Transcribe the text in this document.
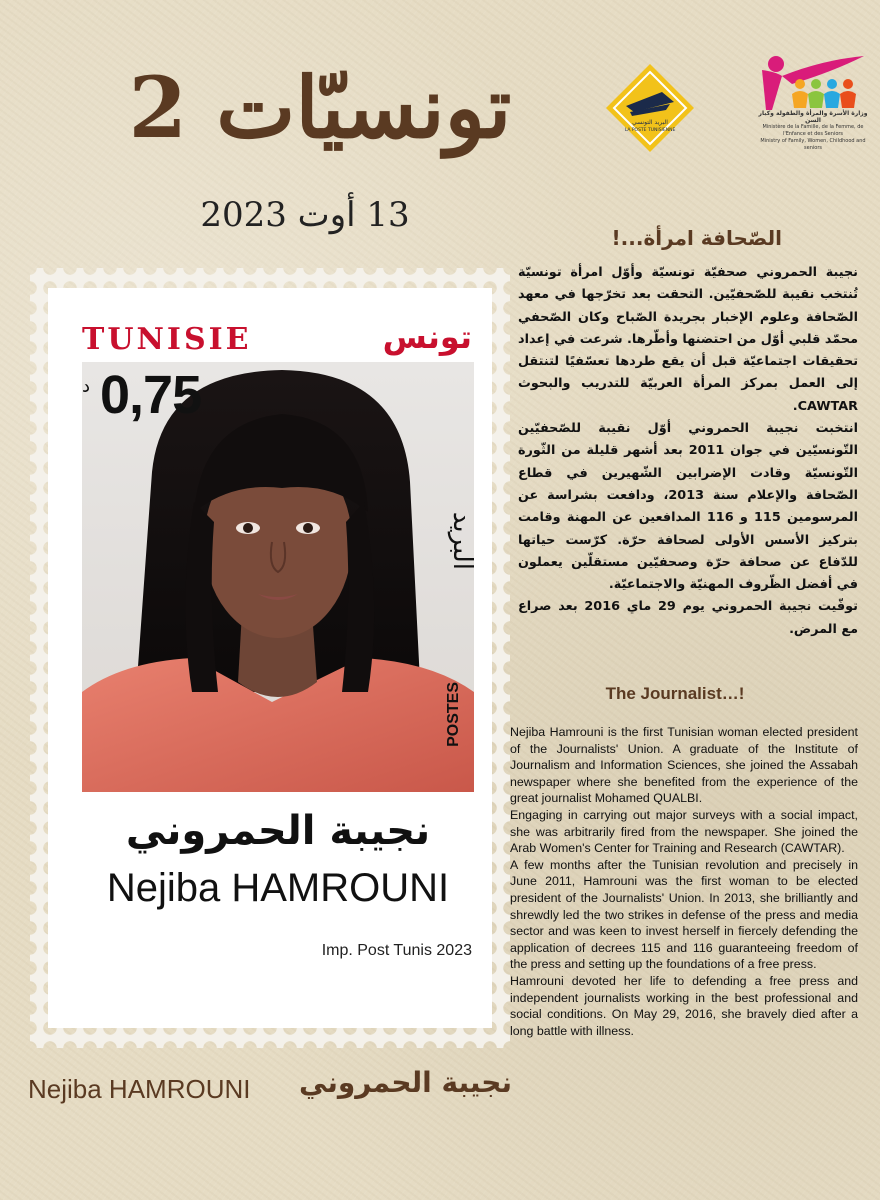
تونسيّات 2
13 أوت 2023
البريد التونسي
LA POSTE TUNISIENNE
وزارة الأسرة والمرأة والطفولة وكبار السن
Ministère de la Famille, de la Femme, de l'Enfance et des Seniors
Ministry of Family, Women, Childhood and seniors
TUNISIE	تونس
د 0,75
البريد
POSTES
نجيبة الحمروني
Nejiba HAMROUNI
Imp. Post Tunis 2023
Nejiba HAMROUNI نجيبة الحمروني
الصّحافة امرأة...!

نجيبة الحمروني صحفيّة تونسيّة وأوّل امرأة تونسيّة تُنتخب نقيبة للصّحفيّين. التحقت بعد تخرّجها في معهد الصّحافة وعلوم الإخبار بجريدة الصّباح وكان الصّحفي محمّد قلبي أوّل من احتضنها وأطّرها. شرعت في إعداد تحقيقات اجتماعيّة قبل أن يقع طردها تعسّفيًا لتنتقل إلى العمل بمركز المرأة العربيّة للتدريب والبحوث CAWTAR.

انتخبت نجيبة الحمروني أوّل نقيبة للصّحفيّين التّونسيّين في جوان 2011 بعد أشهر قليلة من الثّورة التّونسيّة وقادت الإضرابين الشّهيرين في قطاع الصّحافة والإعلام سنة 2013، ودافعت بشراسة عن المرسومين 115 و 116 المدافعين عن المهنة وقامت بتركيز الأسس الأولى لصحافة حرّة. كرّست حياتها للدّفاع عن صحافة حرّة وصحفيّين مستقلّين يعملون في أفضل الظّروف المهنيّة والاجتماعيّة.

توفّيت نجيبة الحمروني يوم 29 ماي 2016 بعد صراع مع المرض.

The Journalist…!

Nejiba Hamrouni is the first Tunisian woman elected president of the Journalists' Union. A graduate of the Institute of Journalism and Information Sciences, she joined the Assabah newspaper where she benefited from the experience of the great journalist Mohamed QUALBI.

Engaging in carrying out major surveys with a social impact, she was arbitrarily fired from the newspaper. She joined the Arab Women's Center for Training and Research (CAWTAR).

A few months after the Tunisian revolution and precisely in June 2011, Hamrouni was the first woman to be elected president of the Journalists' Union. In 2013, she brilliantly and shrewdly led the two strikes in defense of the press and media sector and was keen to invest herself in fiercely defending the application of decrees 115 and 116 guaranteeing freedom of the press and setting up the foundations of a free press.

Hamrouni devoted her life to defending a free press and independent journalists working in the best professional and social conditions. On May 29, 2016, she bravely died after a long battle with illness.
